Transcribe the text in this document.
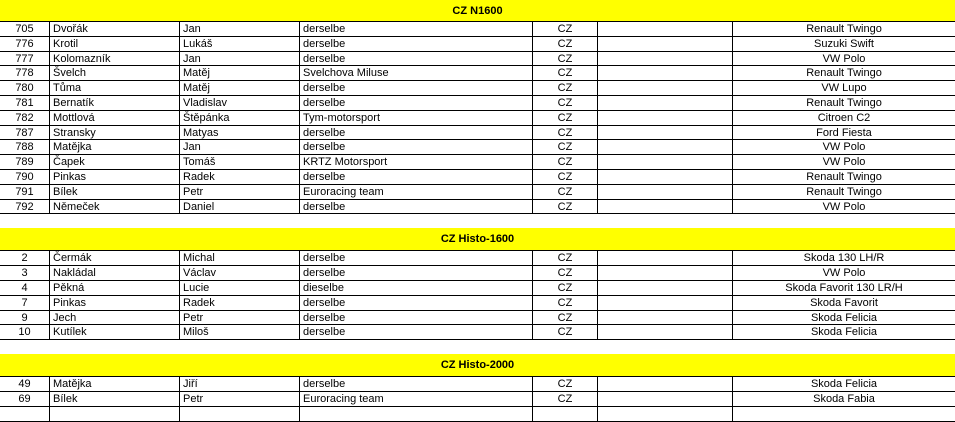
CZ N1600
705	Dvořák	Jan	derselbe	CZ	Renault Twingo
776	Krotil	Lukáš	derselbe	CZ	Suzuki Swift
777	Kolomazník	Jan	derselbe	CZ	VW Polo
778	Švelch	Matěj	Svelchova Miluse	CZ	Renault Twingo
780	Tůma	Matěj	derselbe	CZ	VW Lupo
781	Bernatík	Vladislav	derselbe	CZ	Renault Twingo
782	Mottlová	Štěpánka	Tym-motorsport	CZ	Citroen C2
787	Stransky	Matyas	derselbe	CZ	Ford Fiesta
788	Matějka	Jan	derselbe	CZ	VW Polo
789	Čapek	Tomáš	KRTZ Motorsport	CZ	VW Polo
790	Pinkas	Radek	derselbe	CZ	Renault Twingo
791	Bílek	Petr	Euroracing team	CZ	Renault Twingo
792	Němeček	Daniel	derselbe	CZ	VW Polo
CZ Histo-1600
2	Čermák	Michal	derselbe	CZ	Skoda 130 LH/R
3	Nakládal	Václav	derselbe	CZ	VW Polo
4	Pěkná	Lucie	dieselbe	CZ	Skoda Favorit 130 LR/H
7	Pinkas	Radek	derselbe	CZ	Skoda Favorit
9	Jech	Petr	derselbe	CZ	Skoda Felicia
10	Kutílek	Miloš	derselbe	CZ	Skoda Felicia
CZ Histo-2000
49	Matějka	Jiří	derselbe	CZ	Skoda Felicia
69	Bílek	Petr	Euroracing team	CZ	Skoda Fabia
